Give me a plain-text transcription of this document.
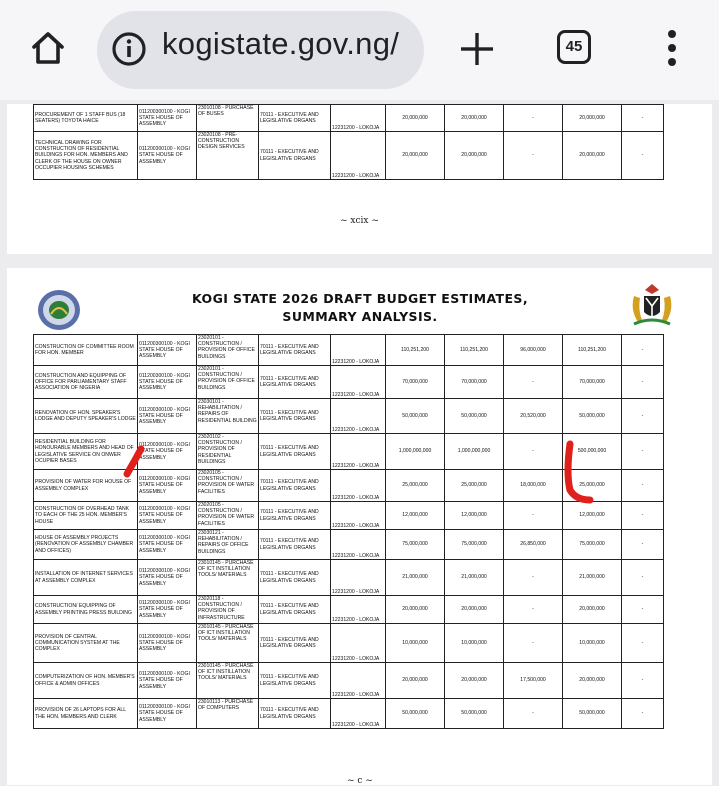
kogistate.gov.ng/	45
PROCUREMENT OF 1 STAFF BUS (18 SEATERS) TOYOTA HAICE	011200300100 - KOGI STATE HOUSE OF ASSEMBLY	23010108 - PURCHASE OF BUSES	70111 - EXECUTIVE AND LEGISLATIVE ORGANS	12231200 - LOKOJA	20,000,000	20,000,000	-	20,000,000	-
TECHNICAL DRAWING FOR CONSTRUCTION OF RESIDENTIAL BUILDINGS FOR HON. MEMBERS AND CLERK OF THE HOUSE ON OWNER OCCUPIER HOUSING SCHEMES	011200300100 - KOGI STATE HOUSE OF ASSEMBLY	23020108 - PRE-CONSTRUCTION DESIGN SERVICES	70111 - EXECUTIVE AND LEGISLATIVE ORGANS	12231200 - LOKOJA	20,000,000	20,000,000	-	20,000,000	-
~ xcix ~
KOGI STATE 2026 DRAFT BUDGET ESTIMATES,
SUMMARY ANALYSIS.
CONSTRUCTION OF COMMITTEE ROOM FOR HON. MEMBER	011200300100 - KOGI STATE HOUSE OF ASSEMBLY	23020101 - CONSTRUCTION / PROVISION OF OFFICE BUILDINGS	70111 - EXECUTIVE AND LEGISLATIVE ORGANS	12231200 - LOKOJA	110,251,200	110,251,200	96,000,000	110,251,200	-
CONSTRUCTION AND EQUIPPING OF OFFICE FOR PARLIAMENTARY STAFF ASSOCIATION OF NIGERIA	011200300100 - KOGI STATE HOUSE OF ASSEMBLY	23020101 - CONSTRUCTION / PROVISION OF OFFICE BUILDINGS	70111 - EXECUTIVE AND LEGISLATIVE ORGANS	12231200 - LOKOJA	70,000,000	70,000,000	-	70,000,000	-
RENOVATION OF HON. SPEAKER'S LODGE AND DEPUTY SPEAKER'S LODGE	011200300100 - KOGI STATE HOUSE OF ASSEMBLY	23030101 - REHABILITATION / REPAIRS OF RESIDENTIAL BUILDING	70111 - EXECUTIVE AND LEGISLATIVE ORGANS	12231200 - LOKOJA	50,000,000	50,000,000	20,520,000	50,000,000	-
RESIDENTIAL BUILDING FOR HONOURABLE MEMBERS AND HEAD OF LEGISLATIVE SERVICE ON ONWER OCUPIER BASES	011200300100 - KOGI STATE HOUSE OF ASSEMBLY	23020102 - CONSTRUCTION / PROVISION OF RESIDENTIAL BUILDINGS	70111 - EXECUTIVE AND LEGISLATIVE ORGANS	12231200 - LOKOJA	1,000,000,000	1,000,000,000	-	500,000,000	-
PROVISION OF WATER FOR HOUSE OF ASSEMBLY COMPLEX	011200300100 - KOGI STATE HOUSE OF ASSEMBLY	23020105 - CONSTRUCTION / PROVISION OF WATER FACILITIES	70111 - EXECUTIVE AND LEGISLATIVE ORGANS	12231200 - LOKOJA	25,000,000	25,000,000	18,000,000	25,000,000	-
CONSTRUCTION OF OVERHEAD TANK TO EACH OF THE 25 HON. MEMBER'S HOUSE	011200300100 - KOGI STATE HOUSE OF ASSEMBLY	23020105 - CONSTRUCTION / PROVISION OF WATER FACILITIES	70111 - EXECUTIVE AND LEGISLATIVE ORGANS	12231200 - LOKOJA	12,000,000	12,000,000	-	12,000,000	-
HOUSE OF ASSEMBLY PROJECTS (RENOVATION OF ASSEMBLY CHAMBER AND OFFICES)	011200300100 - KOGI STATE HOUSE OF ASSEMBLY	23030121 - REHABILITATION / REPAIRS OF OFFICE BUILDINGS	70111 - EXECUTIVE AND LEGISLATIVE ORGANS	12231200 - LOKOJA	75,000,000	75,000,000	26,850,000	75,000,000	-
INSTALLATION OF INTERNET SERVICES AT ASSEMBLY COMPLEX	011200300100 - KOGI STATE HOUSE OF ASSEMBLY	23010145 - PURCHASE OF ICT INSTILLATION TOOLS/ MATERIALS	70111 - EXECUTIVE AND LEGISLATIVE ORGANS	12231200 - LOKOJA	21,000,000	21,000,000	-	21,000,000	-
CONSTRUCTION/ EQUIPPING OF ASSEMBLY PRINTING PRESS BUILDING	011200300100 - KOGI STATE HOUSE OF ASSEMBLY	23020118 - CONSTRUCTION / PROVISION OF INFRASTRUCTURE	70111 - EXECUTIVE AND LEGISLATIVE ORGANS	12231200 - LOKOJA	20,000,000	20,000,000	-	20,000,000	-
PROVISION OF CENTRAL COMMUNICATION SYSTEM AT THE COMPLEX	011200300100 - KOGI STATE HOUSE OF ASSEMBLY	23010145 - PURCHASE OF ICT INSTILLATION TOOLS/ MATERIALS	70111 - EXECUTIVE AND LEGISLATIVE ORGANS	12231200 - LOKOJA	10,000,000	10,000,000	-	10,000,000	-
COMPUTERIZATION OF HON. MEMBER'S OFFICE & ADMIN OFFICES	011200300100 - KOGI STATE HOUSE OF ASSEMBLY	23010145 - PURCHASE OF ICT INSTILLATION TOOLS/ MATERIALS	70111 - EXECUTIVE AND LEGISLATIVE ORGANS	12231200 - LOKOJA	20,000,000	20,000,000	17,500,000	20,000,000	-
PROVISION OF 26 LAPTOPS FOR ALL THE HON. MEMBERS AND CLERK	011200300100 - KOGI STATE HOUSE OF ASSEMBLY	23010113 - PURCHASE OF COMPUTERS	70111 - EXECUTIVE AND LEGISLATIVE ORGANS	12231200 - LOKOJA	50,000,000	50,000,000	-	50,000,000	-
~ c ~
